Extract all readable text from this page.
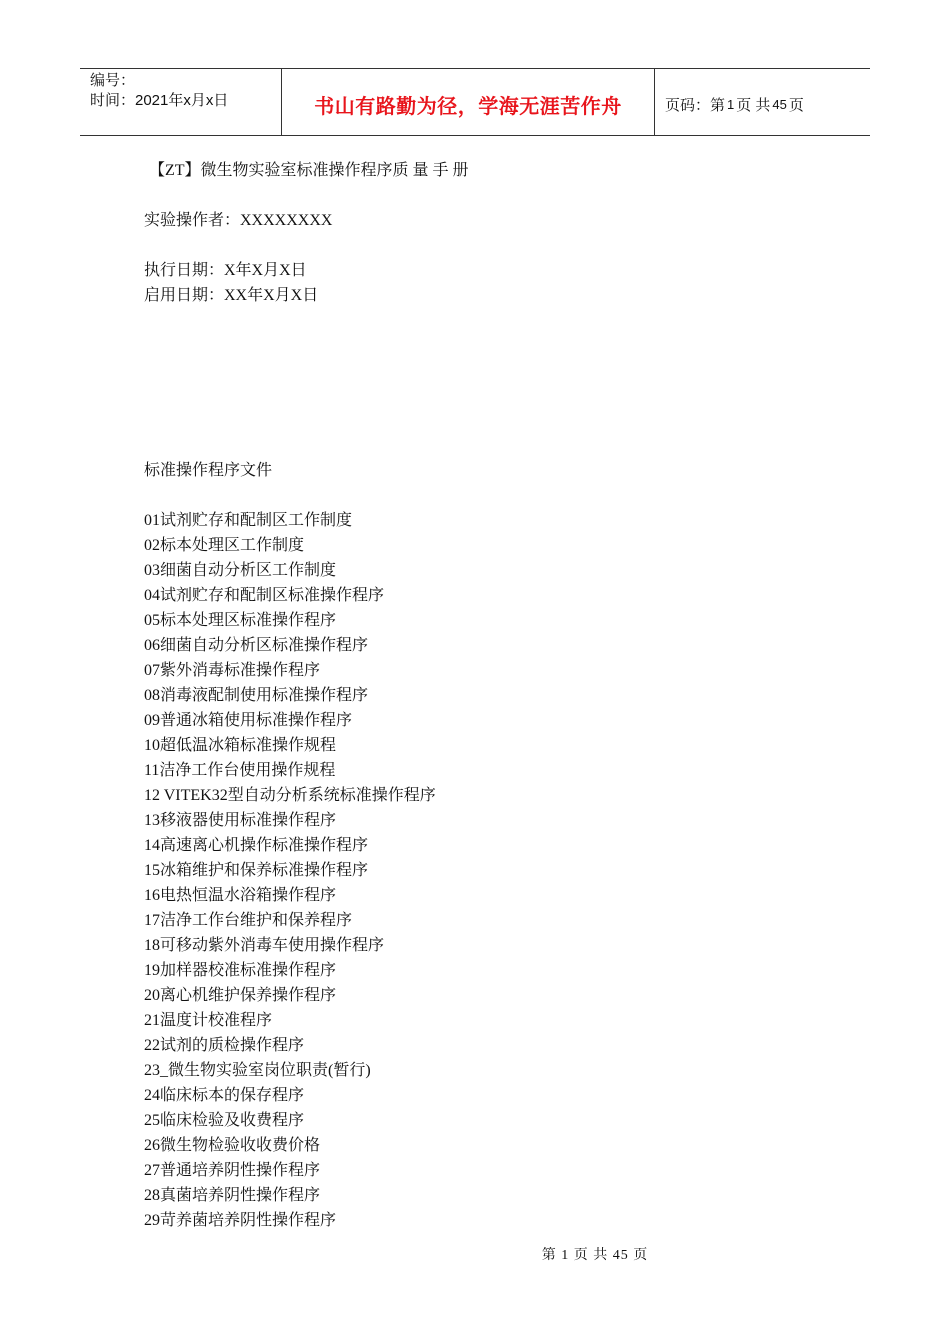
编号：
时间：2021年x月x日	书山有路勤为径，学海无涯苦作舟	页码：第 1 页 共 45 页
【ZT】微生物实验室标准操作程序质 量 手 册
实验操作者：XXXXXXXX
执行日期：X年X月X日
启用日期：XX年X月X日
标准操作程序文件
01试剂贮存和配制区工作制度
02标本处理区工作制度
03细菌自动分析区工作制度
04试剂贮存和配制区标准操作程序
05标本处理区标准操作程序
06细菌自动分析区标准操作程序
07紫外消毒标准操作程序
08消毒液配制使用标准操作程序
09普通冰箱使用标准操作程序
10超低温冰箱标准操作规程
11洁净工作台使用操作规程
12 VITEK32型自动分析系统标准操作程序
13移液器使用标准操作程序
14高速离心机操作标准操作程序
15冰箱维护和保养标准操作程序
16电热恒温水浴箱操作程序
17洁净工作台维护和保养程序
18可移动紫外消毒车使用操作程序
19加样器校准标准操作程序
20离心机维护保养操作程序
21温度计校准程序
22试剂的质检操作程序
23_微生物实验室岗位职责(暂行)
24临床标本的保存程序
25临床检验及收费程序
26微生物检验收收费价格
27普通培养阴性操作程序
28真菌培养阴性操作程序
29苛养菌培养阴性操作程序
第 1 页 共 45 页
